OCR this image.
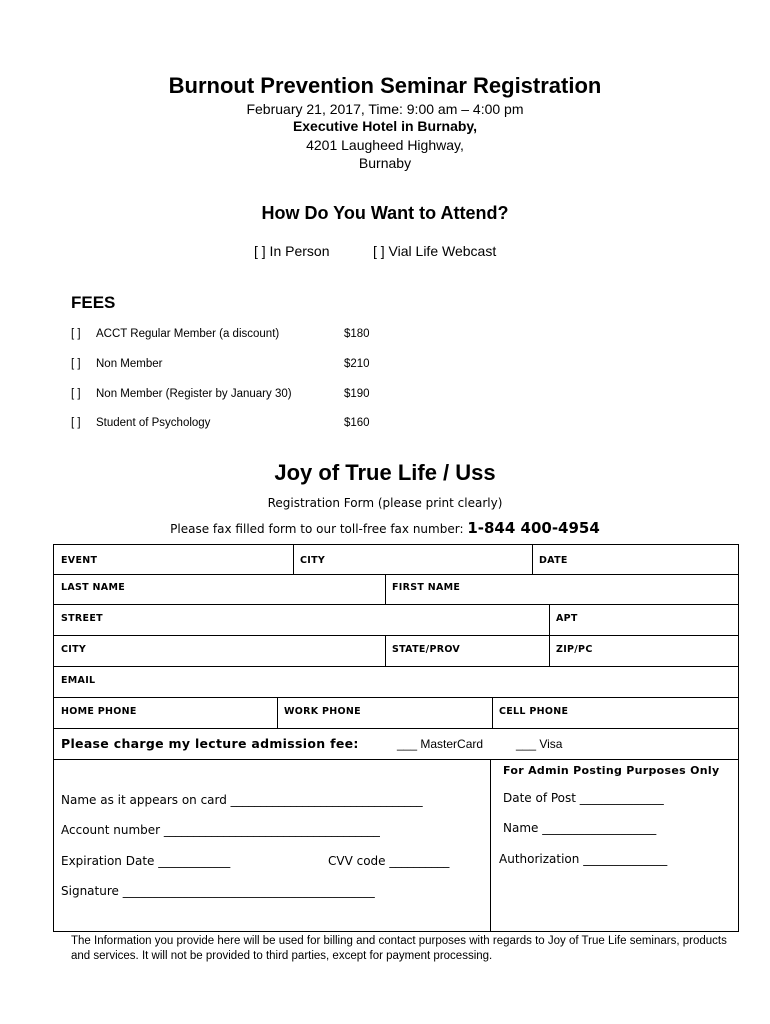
Burnout Prevention Seminar Registration
February 21, 2017, Time: 9:00 am – 4:00 pm
Executive Hotel in Burnaby,
4201 Laugheed Highway,
Burnaby
How Do You Want to Attend?
[ ] In Person	[ ] Vial Life Webcast
FEES
[ ] ACCT Regular Member (a discount)	$180
[ ] Non Member	$210
[ ] Non Member (Register by January 30)	$190
[ ] Student of Psychology	$160
Joy of True Life / Uss
Registration Form (please print clearly)
Please fax filled form to our toll-free fax number: 1-844 400-4954
EVENT	CITY	DATE
LAST NAME	FIRST NAME
STREET	APT
CITY	STATE/PROV	ZIP/PC
EMAIL
HOME PHONE	WORK PHONE	CELL PHONE
Please charge my lecture admission fee:	___ MasterCard	___ Visa
Name as it appears on card ________________________________
Account number ____________________________________
Expiration Date ____________	CVV code __________
Signature __________________________________________
For Admin Posting Purposes Only
Date of Post ______________
Name ___________________
Authorization ______________
The Information you provide here will be used for billing and contact purposes with regards to Joy of True Life seminars, products and services. It will not be provided to third parties, except for payment processing.
